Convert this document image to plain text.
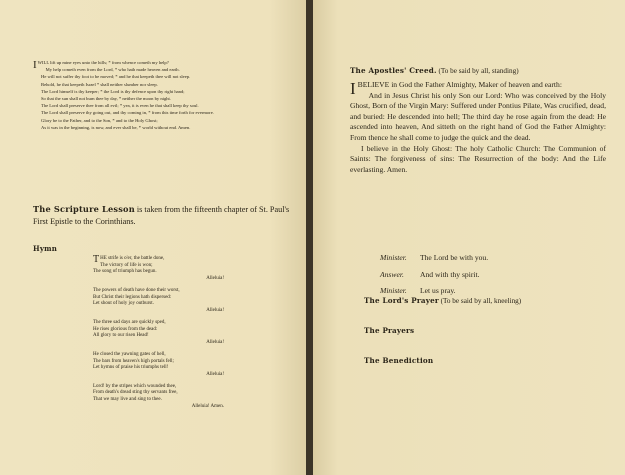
IWILL lift up mine eyes unto the hills; * from whence cometh my help?

My help cometh even from the Lord, * who hath made heaven and earth.

He will not suffer thy foot to be moved; * and he that keepeth thee will not sleep.

Behold, he that keepeth Israel * shall neither slumber nor sleep.

The Lord himself is thy keeper; * the Lord is thy defence upon thy right hand;

So that the sun shall not burn thee by day, * neither the moon by night.

The Lord shall preserve thee from all evil; * yea, it is even he that shall keep thy soul.

The Lord shall preserve thy going out, and thy coming in, * from this time forth for evermore.

Glory be to the Father, and to the Son, * and to the Holy Ghost;

As it was in the beginning, is now, and ever shall be, * world without end. Amen.

The Scripture Lesson is taken from the fifteenth chapter of St. Paul's First Epistle to the Corinthians.
Hymn
THE strife is o'er, the battle done,
The victory of life is won;
The song of triumph has begun.
Alleluia!
The powers of death have done their worst,
But Christ their legions hath dispersed:
Let shout of holy joy outburst.
Alleluia!
The three sad days are quickly sped,
He rises glorious from the dead:
All glory to our risen Head!
Alleluia!
He closed the yawning gates of hell,
The bars from heaven's high portals fell;
Let hymns of praise his triumphs tell!
Alleluia!
Lord! by the stripes which wounded thee,
From death's dread sting thy servants free,
That we may live and sing to thee.
Alleluia! Amen.
The Apostles' Creed. (To be said by all, standing)

IBELIEVE in God the Father Almighty, Maker of heaven and earth:

And in Jesus Christ his only Son our Lord: Who was conceived by the Holy Ghost, Born of the Virgin Mary: Suffered under Pontius Pilate, Was crucified, dead, and buried: He descended into hell; The third day he rose again from the dead: He ascended into heaven, And sitteth on the right hand of God the Father Almighty: From thence he shall come to judge the quick and the dead.

I believe in the Holy Ghost: The holy Catholic Church: The Communion of Saints: The forgiveness of sins: The Resurrection of the body: And the Life everlasting. Amen.

Minister. The Lord be with you.
Answer. And with thy spirit.
Minister. Let us pray.
The Lord's Prayer (To be said by all, kneeling)
The Prayers
The Benediction
